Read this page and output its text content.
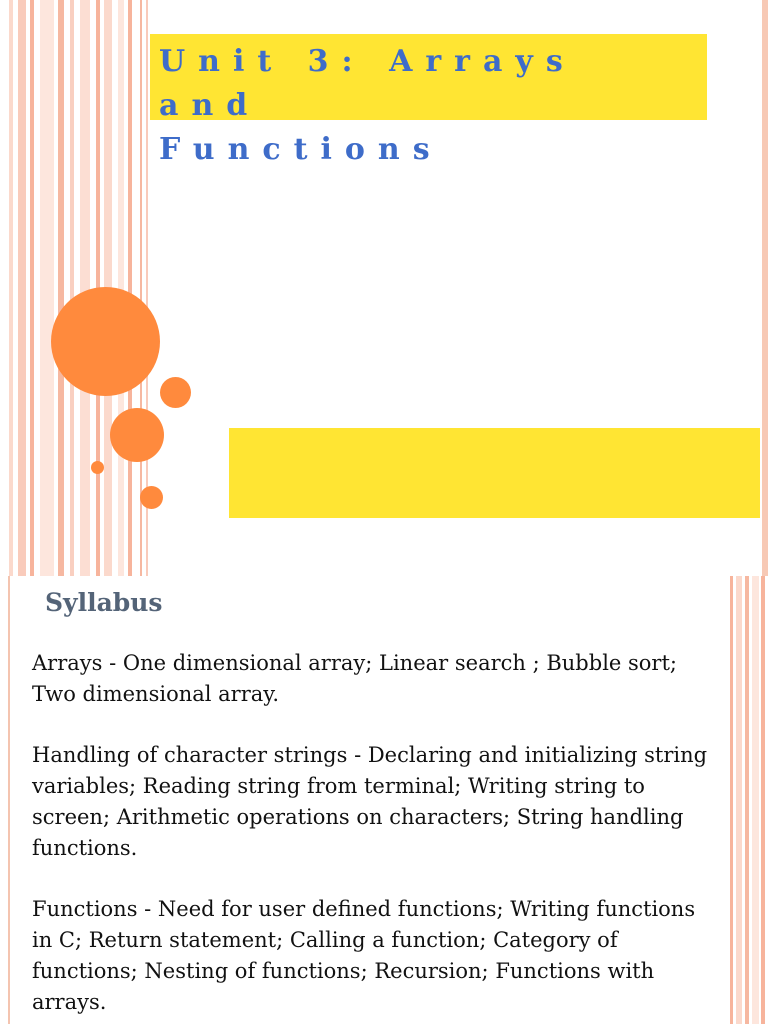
Unit 3: Arrays and
Functions

Syllabus

Arrays - One dimensional array; Linear search ; Bubble sort; Two dimensional array.

Handling of character strings - Declaring and initializing string variables; Reading string from terminal; Writing string to screen; Arithmetic operations on characters; String handling functions.

Functions - Need for user defined functions; Writing functions in C; Return statement; Calling a function; Category of functions; Nesting of functions; Recursion; Functions with arrays.
